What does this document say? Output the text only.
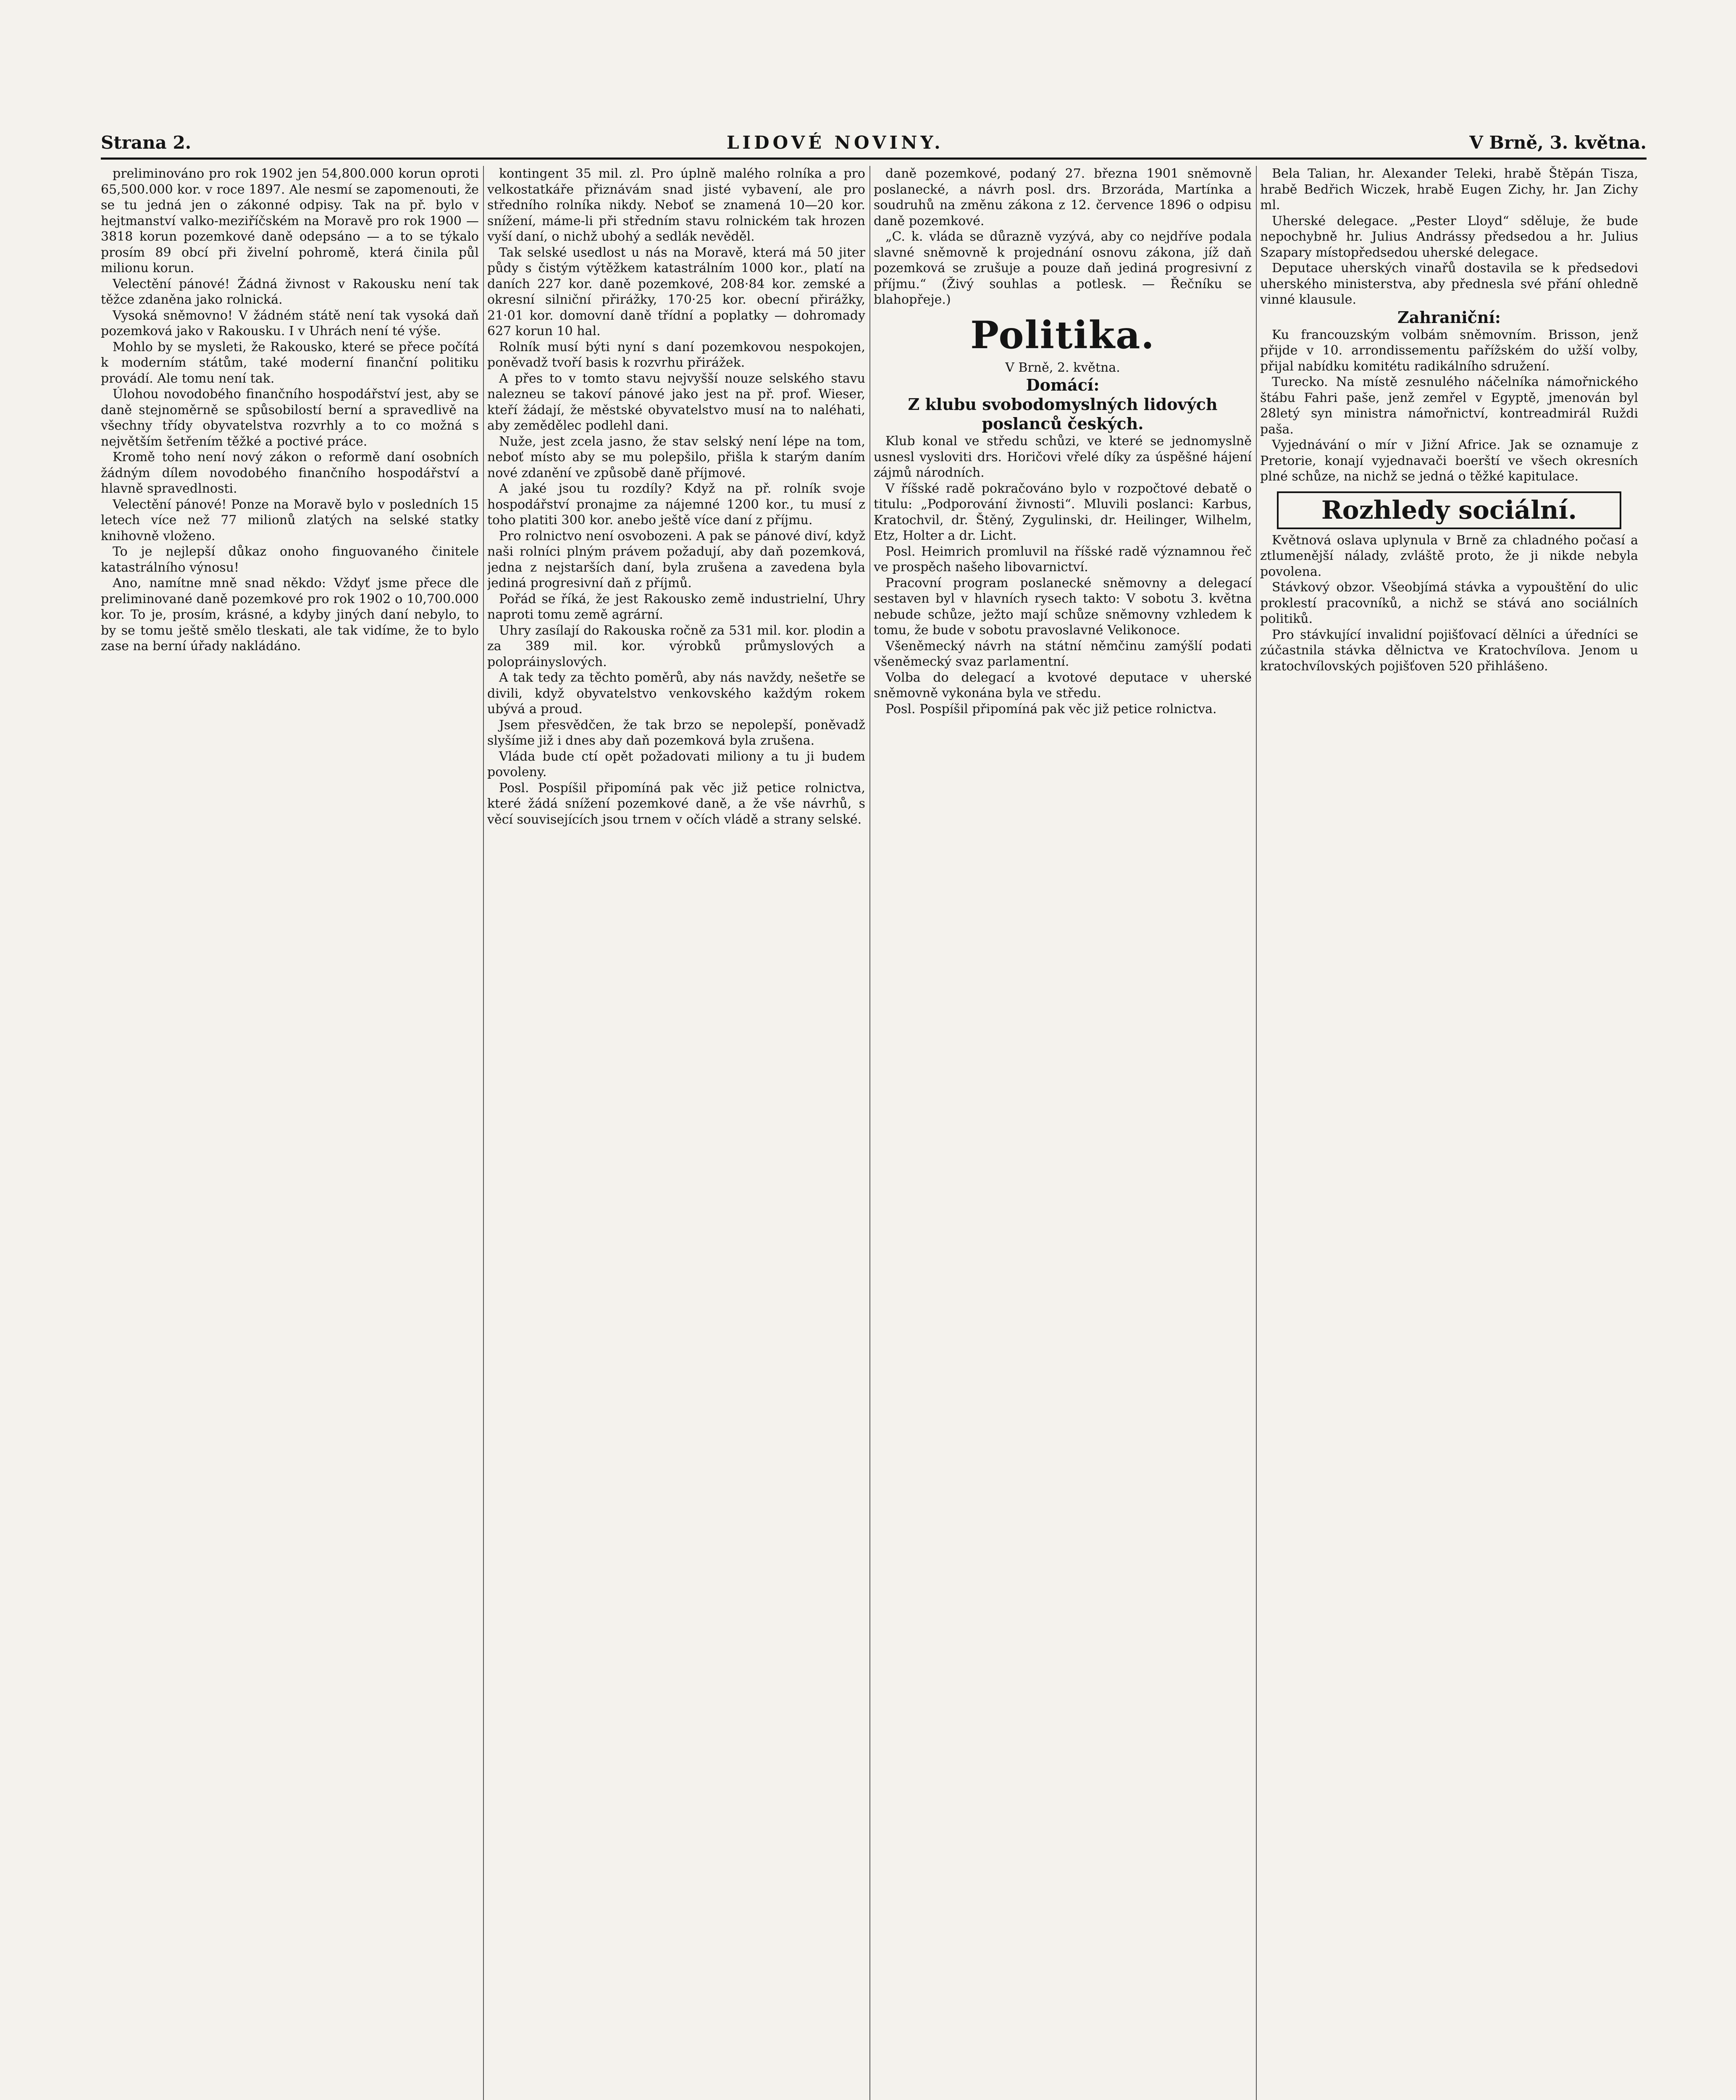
Strana 2.	LIDOVÉ NOVINY.	V Brně, 3. května.

preliminováno pro rok 1902 jen 54,800.000 korun oproti 65,500.000 kor. v roce 1897. Ale nesmí se zapomenouti, že se tu jedná jen o zákonné odpisy. Tak na př. bylo v hejtmanství valko-meziříčském na Moravě pro rok 1900 — 3818 korun pozemkové daně odepsáno — a to se týkalo prosím 89 obcí při živelní pohromě, která činila půl milionu korun.

Velectění pánové! Žádná živnost v Rakousku není tak těžce zdaněna jako rolnická.

Vysoká sněmovno! V žádném státě není tak vysoká daň pozemková jako v Rakousku. I v Uhrách není té výše.

Mohlo by se mysleti, že Rakousko, které se přece počítá k moderním státům, také moderní finanční politiku provádí. Ale tomu není tak.

Úlohou novodobého finančního hospodářství jest, aby se daně stejnoměrně se spůsobilostí berní a spravedlivě na všechny třídy obyvatelstva rozvrhly a to co možná s největším šetřením těžké a poctivé práce.

Kromě toho není nový zákon o reformě daní osobních žádným dílem novodobého finančního hospodářství a hlavně spravedlnosti.

Velectění pánové! Ponze na Moravě bylo v posledních 15 letech více než 77 milionů zlatých na selské statky knihovně vloženo.

To je nejlepší důkaz onoho finguovaného činitele katastrálního výnosu!

Ano, namítne mně snad někdo: Vždyť jsme přece dle preliminované daně pozemkové pro rok 1902 o 10,700.000 kor. To je, prosím, krásné, a kdyby jiných daní nebylo, to by se tomu ještě smělo tleskati, ale tak vidíme, že to bylo zase na berní úřady nakládáno.

kontingent 35 mil. zl. Pro úplně malého rolníka a pro velkostatkáře přiznávám snad jisté vybavení, ale pro středního rolníka nikdy. Neboť se znamená 10—20 kor. snížení, máme-li při středním stavu rolnickém tak hrozen vyší daní, o nichž ubohý a sedlák nevěděl.

Tak selské usedlost u nás na Moravě, která má 50 jiter půdy s čistým výtěžkem katastrálním 1000 kor., platí na daních 227 kor. daně pozemkové, 208·84 kor. zemské a okresní silniční přirážky, 170·25 kor. obecní přirážky, 21·01 kor. domovní daně třídní a poplatky — dohromady 627 korun 10 hal.

Rolník musí býti nyní s daní pozemkovou nespokojen, poněvadž tvoří basis k rozvrhu přirážek.

A přes to v tomto stavu nejvyšší nouze selského stavu nalezneu se takoví pánové jako jest na př. prof. Wieser, kteří žádají, že městské obyvatelstvo musí na to naléhati, aby zemědělec podlehl dani.

Nuže, jest zcela jasno, že stav selský není lépe na tom, neboť místo aby se mu polepšilo, přišla k starým daním nové zdanění ve způsobě daně příjmové.

A jaké jsou tu rozdíly? Když na př. rolník svoje hospodářství pronajme za nájemné 1200 kor., tu musí z toho platiti 300 kor. anebo ještě více daní z příjmu.

Pro rolnictvo není osvobozeni. A pak se pánové diví, když naši rolníci plným právem požadují, aby daň pozemková, jedna z nejstarších daní, byla zrušena a zavedena byla jediná progresivní daň z příjmů.

Pořád se říká, že jest Rakousko země industrielní, Uhry naproti tomu země agrární.

Uhry zasílají do Rakouska ročně za 531 mil. kor. plodin a za 389 mil. kor. výrobků průmyslových a polopráinyslových.

A tak tedy za těchto poměrů, aby nás navždy, nešetře se divili, když obyvatelstvo venkovského každým rokem ubývá a proud.

Jsem přesvědčen, že tak brzo se nepolepší, poněvadž slyšíme již i dnes aby daň pozemková byla zrušena.

Vláda bude ctí opět požadovati miliony a tu ji budem povoleny.

Posl. Pospíšil připomíná pak věc již petice rolnictva, které žádá snížení pozemkové daně, a že vše návrhů, s věcí souvisejících jsou trnem v očích vládě a strany selské.

daně pozemkové, podaný 27. března 1901 sněmovně poslanecké, a návrh posl. drs. Brzoráda, Martínka a soudruhů na změnu zákona z 12. července 1896 o odpisu daně pozemkové.

„C. k. vláda se důrazně vyzývá, aby co nejdříve podala slavné sněmovně k projednání osnovu zákona, jíž daň pozemková se zrušuje a pouze daň jediná progresivní z příjmu.“ (Živý souhlas a potlesk. — Řečníku se blahopřeje.)

Politika.

V Brně, 2. května.

Domácí:

Z klubu svobodomyslných lidových poslanců českých.

Klub konal ve středu schůzi, ve které se jednomyslně usnesl vysloviti drs. Horičovi vřelé díky za úspěšné hájení zájmů národních.

V říšské radě pokračováno bylo v rozpočtové debatě o titulu: „Podporování živnosti“. Mluvili poslanci: Karbus, Kratochvil, dr. Štěný, Zygulinski, dr. Heilinger, Wilhelm, Etz, Holter a dr. Licht.

Posl. Heimrich promluvil na říšské radě významnou řeč ve prospěch našeho libovarnictví.

Pracovní program poslanecké sněmovny a delegací sestaven byl v hlavních rysech takto: V sobotu 3. května nebude schůze, ježto mají schůze sněmovny vzhledem k tomu, že bude v sobotu pravoslavné Velikonoce.

Všeněmecký návrh na státní němčinu zamýšlí podati všeněmecký svaz parlamentní.

Volba do delegací a kvotové deputace v uherské sněmovně vykonána byla ve středu.

Posl. Pospíšil připomíná pak věc již petice rolnictva.

Bela Talian, hr. Alexander Teleki, hrabě Štěpán Tisza, hrabě Bedřich Wiczek, hrabě Eugen Zichy, hr. Jan Zichy ml.

Uherské delegace. „Pester Lloyd“ sděluje, že bude nepochybně hr. Julius Andrássy předsedou a hr. Julius Szapary místopředsedou uherské delegace.

Deputace uherských vinařů dostavila se k předsedovi uherského ministerstva, aby přednesla své přání ohledně vinné klausule.

Zahraniční:

Ku francouzským volbám sněmovním. Brisson, jenž přijde v 10. arrondissementu pařížském do užší volby, přijal nabídku komitétu radikálního sdružení.

Turecko. Na místě zesnulého náčelníka námořnického štábu Fahri paše, jenž zemřel v Egyptě, jmenován byl 28letý syn ministra námořnictví, kontreadmirál Ruždi paša.

Vyjednávání o mír v Jižní Africe. Jak se oznamuje z Pretorie, konají vyjednavači boerští ve všech okresních plné schůze, na nichž se jedná o těžké kapitulace.

Rozhledy sociální.

Květnová oslava uplynula v Brně za chladného počasí a ztlumenější nálady, zvláště proto, že ji nikde nebyla povolena.

Stávkový obzor. Všeobjímá stávka a vypouštění do ulic proklestí pracovníků, a nichž se stává ano sociálních politiků.

Pro stávkující invalidní pojišťovací dělníci a úředníci se zúčastnila stávka dělnictva ve Kratochvílova. Jenom u kratochvílovských pojišťoven 520 přihlášeno.
